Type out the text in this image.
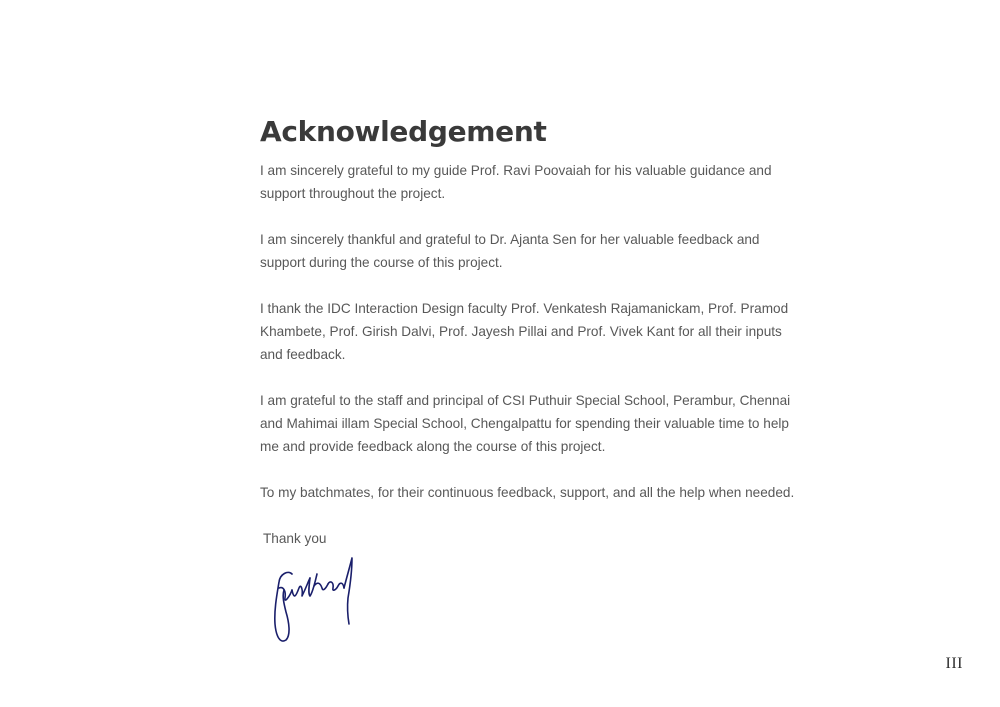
Acknowledgement

I am sincerely grateful to my guide Prof. Ravi Poovaiah for his valuable guidance and support throughout the project.

I am sincerely thankful and grateful to Dr. Ajanta Sen for her valuable feedback and support during the course of this project.

I thank the IDC Interaction Design faculty Prof. Venkatesh Rajamanickam, Prof. Pramod Khambete, Prof. Girish Dalvi, Prof. Jayesh Pillai and Prof. Vivek Kant for all their inputs and feedback.

I am grateful to the staff and principal of CSI Puthuir Special School, Perambur, Chennai and Mahimai illam Special School, Chengalpattu for spending their valuable time to help me and provide feedback along the course of this project.

To my batchmates, for their continuous feedback, support, and all the help when needed.

Thank you

III
